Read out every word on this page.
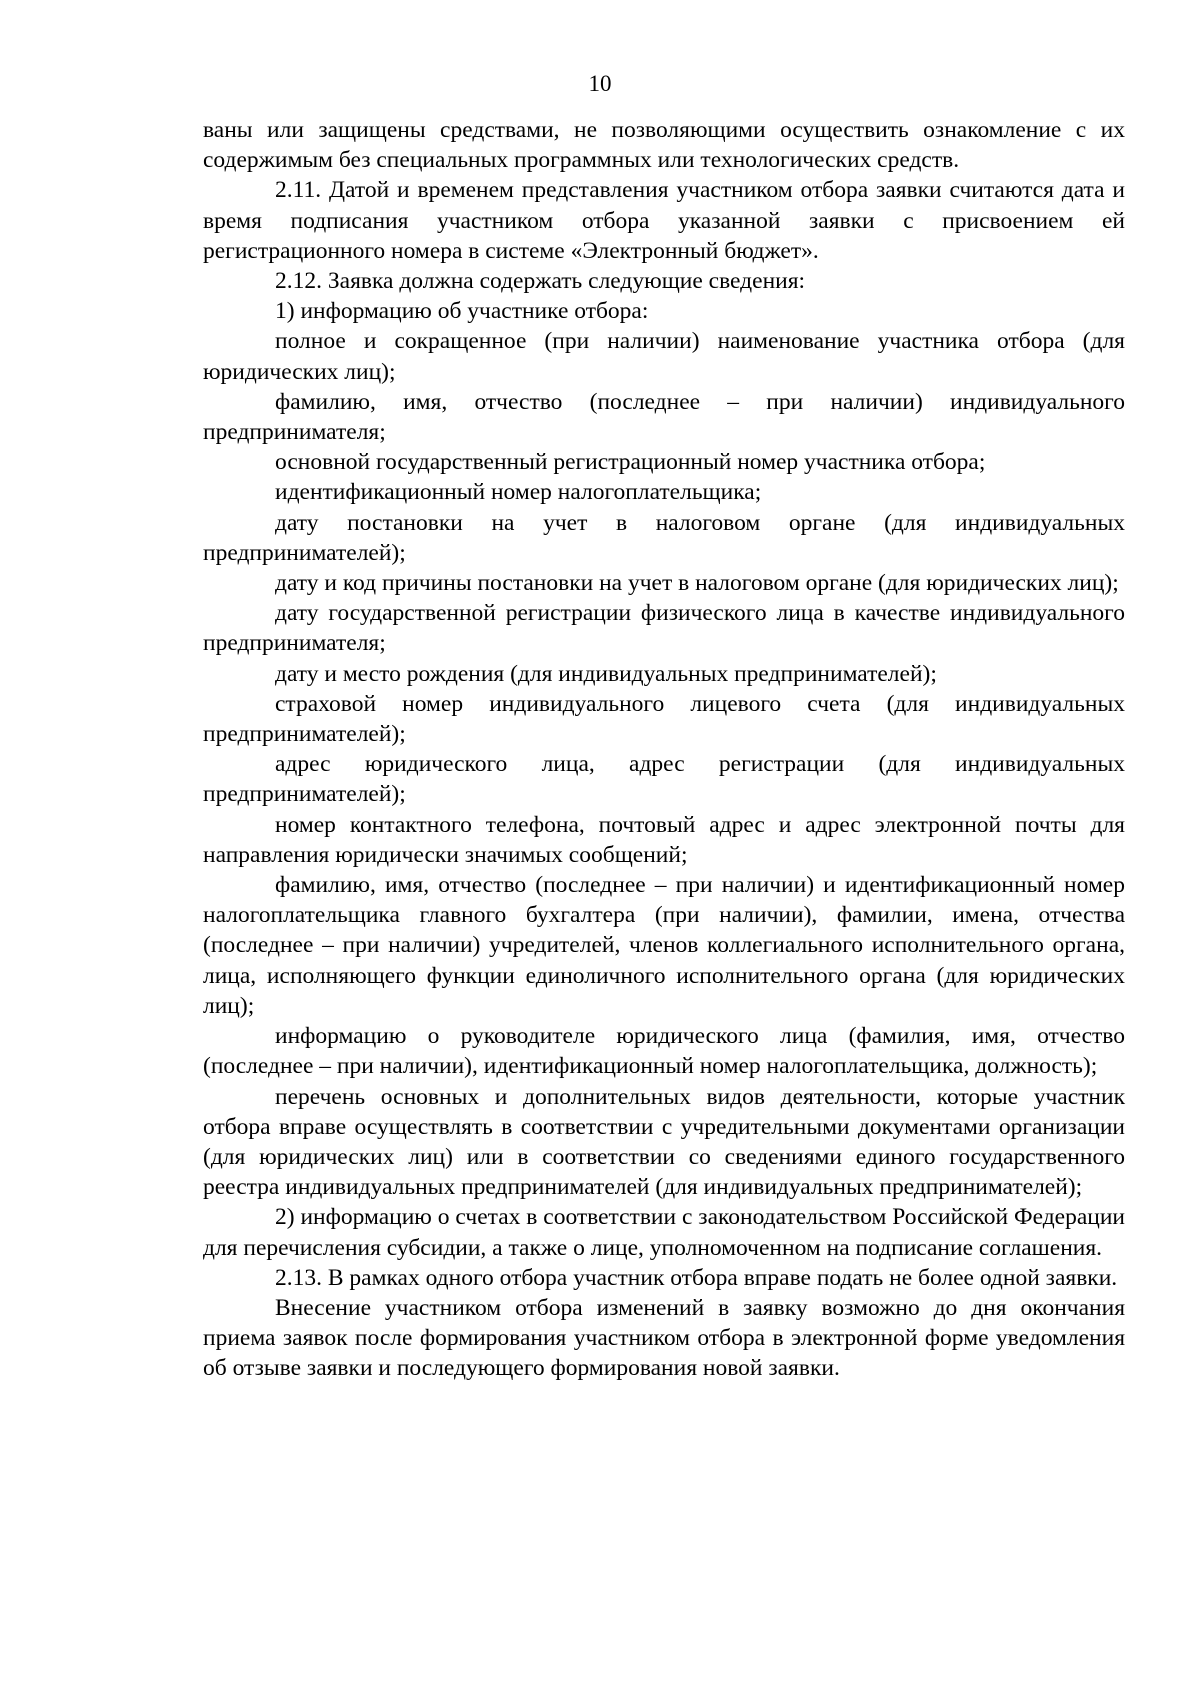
10

ваны или защищены средствами, не позволяющими осуществить ознакомление с их содержимым без специальных программных или технологических средств.

2.11. Датой и временем представления участником отбора заявки считаются дата и время подписания участником отбора указанной заявки с присвоением ей регистрационного номера в системе «Электронный бюджет».

2.12. Заявка должна содержать следующие сведения:

1) информацию об участнике отбора:

полное и сокращенное (при наличии) наименование участника отбора (для юридических лиц);

фамилию, имя, отчество (последнее – при наличии) индивидуального предпринимателя;

основной государственный регистрационный номер участника отбора;

идентификационный номер налогоплательщика;

дату постановки на учет в налоговом органе (для индивидуальных предпринимателей);

дату и код причины постановки на учет в налоговом органе (для юридических лиц);

дату государственной регистрации физического лица в качестве индивидуального предпринимателя;

дату и место рождения (для индивидуальных предпринимателей);

страховой номер индивидуального лицевого счета (для индивидуальных предпринимателей);

адрес юридического лица, адрес регистрации (для индивидуальных предпринимателей);

номер контактного телефона, почтовый адрес и адрес электронной почты для направления юридически значимых сообщений;

фамилию, имя, отчество (последнее – при наличии) и идентификационный номер налогоплательщика главного бухгалтера (при наличии), фамилии, имена, отчества (последнее – при наличии) учредителей, членов коллегиального исполнительного органа, лица, исполняющего функции единоличного исполнительного органа (для юридических лиц);

информацию о руководителе юридического лица (фамилия, имя, отчество (последнее – при наличии), идентификационный номер налогоплательщика, должность);

перечень основных и дополнительных видов деятельности, которые участник отбора вправе осуществлять в соответствии с учредительными документами организации (для юридических лиц) или в соответствии со сведениями единого государственного реестра индивидуальных предпринимателей (для индивидуальных предпринимателей);

2) информацию о счетах в соответствии с законодательством Российской Федерации для перечисления субсидии, а также о лице, уполномоченном на подписание соглашения.

2.13. В рамках одного отбора участник отбора вправе подать не более одной заявки.

Внесение участником отбора изменений в заявку возможно до дня окончания приема заявок после формирования участником отбора в электронной форме уведомления об отзыве заявки и последующего формирования новой заявки.
